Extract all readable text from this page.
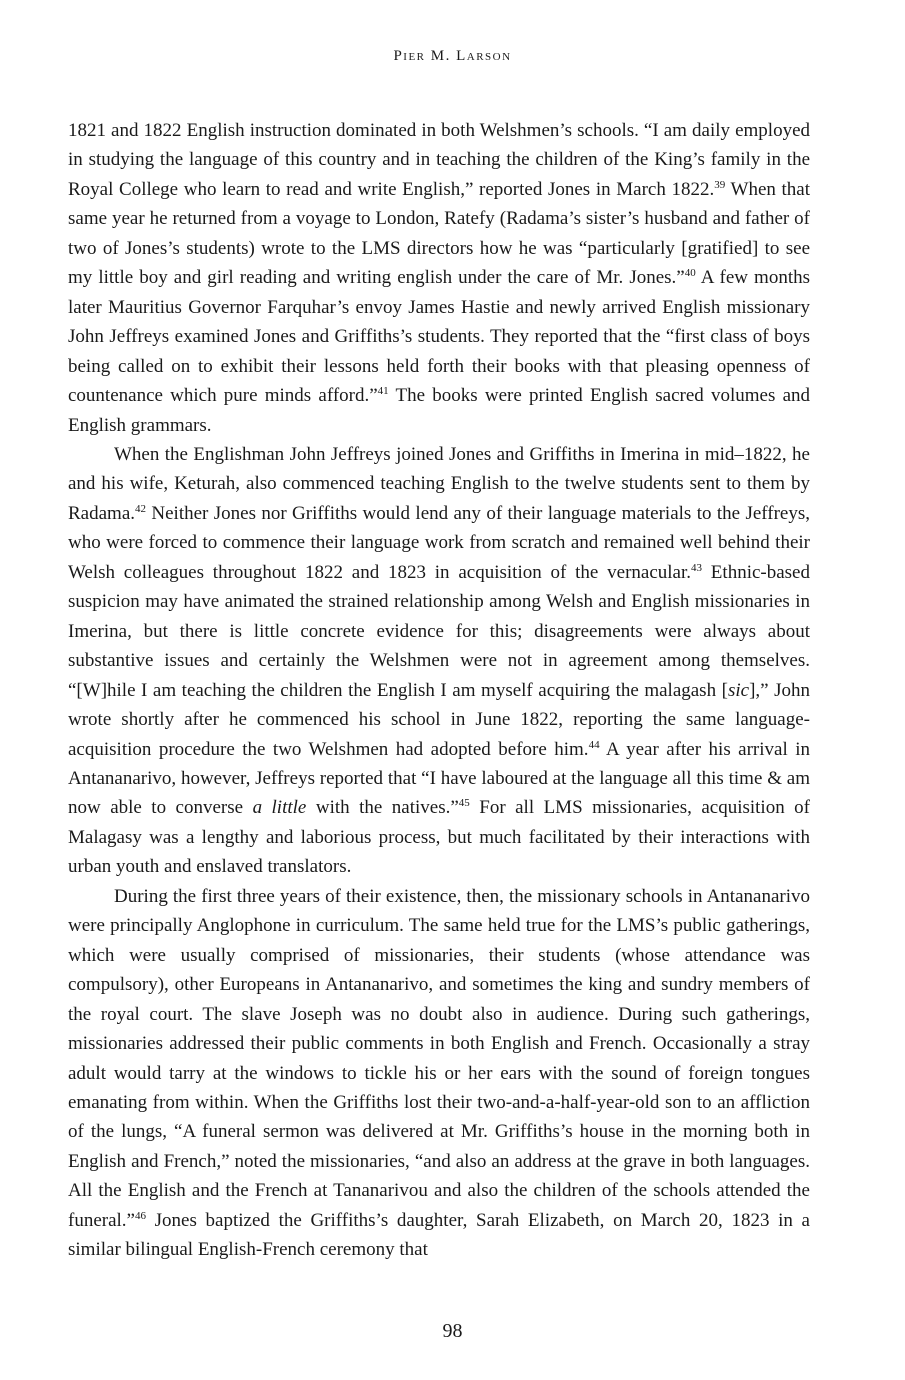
Pier M. Larson

1821 and 1822 English instruction dominated in both Welshmen’s schools. “I am daily employed in studying the language of this country and in teaching the children of the King’s family in the Royal College who learn to read and write English,” reported Jones in March 1822.39 When that same year he returned from a voyage to London, Ratefy (Radama’s sister’s husband and father of two of Jones’s students) wrote to the LMS directors how he was “particularly [gratified] to see my little boy and girl reading and writing english under the care of Mr. Jones.”$^{40}$ A few months later Mauritius Governor Farquhar’s envoy James Hastie and newly arrived English missionary John Jeffreys examined Jones and Griffiths’s students. They reported that the “first class of boys being called on to exhibit their lessons held forth their books with that pleasing openness of countenance which pure minds afford.”$^{41}$ The books were printed English sacred volumes and English grammars.

When the Englishman John Jeffreys joined Jones and Griffiths in Imerina in mid–1822, he and his wife, Keturah, also commenced teaching English to the twelve students sent to them by Radama.$^{42}$ Neither Jones nor Griffiths would lend any of their language materials to the Jeffreys, who were forced to commence their language work from scratch and remained well behind their Welsh colleagues throughout 1822 and 1823 in acquisition of the vernacular.$^{43}$ Ethnic-based suspicion may have animated the strained relationship among Welsh and English missionaries in Imerina, but there is little concrete evidence for this; disagreements were always about substantive issues and certainly the Welshmen were not in agreement among themselves. “[W]hile I am teaching the children the English I am myself acquiring the malagash [sic],” John wrote shortly after he commenced his school in June 1822, reporting the same language-acquisition procedure the two Welshmen had adopted before him.$^{44}$ A year after his arrival in Antananarivo, however, Jeffreys reported that “I have laboured at the language all this time & am now able to converse a little with the natives.”$^{45}$ For all LMS missionaries, acquisition of Malagasy was a lengthy and laborious process, but much facilitated by their interactions with urban youth and enslaved translators.

During the first three years of their existence, then, the missionary schools in Antananarivo were principally Anglophone in curriculum. The same held true for the LMS’s public gatherings, which were usually comprised of missionaries, their students (whose attendance was compulsory), other Europeans in Antananarivo, and sometimes the king and sundry members of the royal court. The slave Joseph was no doubt also in audience. During such gatherings, missionaries addressed their public comments in both English and French. Occasionally a stray adult would tarry at the windows to tickle his or her ears with the sound of foreign tongues emanating from within. When the Griffiths lost their two-and-a-half-year-old son to an affliction of the lungs, “A funeral sermon was delivered at Mr. Griffiths’s house in the morning both in English and French,” noted the missionaries, “and also an address at the grave in both languages. All the English and the French at Tananarivou and also the children of the schools attended the funeral.”$^{46}$ Jones baptized the Griffiths’s daughter, Sarah Elizabeth, on March 20, 1823 in a similar bilingual English-French ceremony that

98
